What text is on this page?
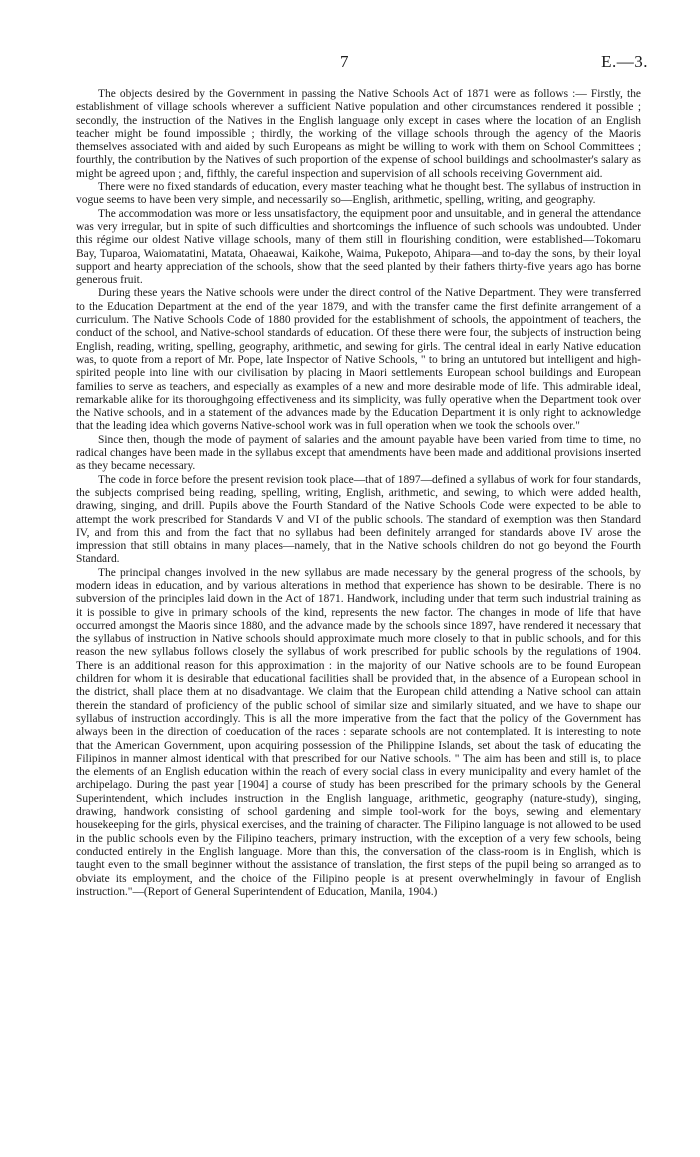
7	E.—3.

The objects desired by the Government in passing the Native Schools Act of 1871 were as follows :— Firstly, the establishment of village schools wherever a sufficient Native population and other circumstances rendered it possible ; secondly, the instruction of the Natives in the English language only except in cases where the location of an English teacher might be found impossible ; thirdly, the working of the village schools through the agency of the Maoris themselves associated with and aided by such Europeans as might be willing to work with them on School Committees ; fourthly, the contribution by the Natives of such proportion of the expense of school buildings and schoolmaster's salary as might be agreed upon ; and, fifthly, the careful inspection and supervision of all schools receiving Government aid.

There were no fixed standards of education, every master teaching what he thought best. The syllabus of instruction in vogue seems to have been very simple, and necessarily so—English, arithmetic, spelling, writing, and geography.

The accommodation was more or less unsatisfactory, the equipment poor and unsuitable, and in general the attendance was very irregular, but in spite of such difficulties and shortcomings the influence of such schools was undoubted. Under this régime our oldest Native village schools, many of them still in flourishing condition, were established—Tokomaru Bay, Tuparoa, Waiomatatini, Matata, Ohaeawai, Kaikohe, Waima, Pukepoto, Ahipara—and to-day the sons, by their loyal support and hearty appreciation of the schools, show that the seed planted by their fathers thirty-five years ago has borne generous fruit.

During these years the Native schools were under the direct control of the Native Department. They were transferred to the Education Department at the end of the year 1879, and with the transfer came the first definite arrangement of a curriculum. The Native Schools Code of 1880 provided for the establishment of schools, the appointment of teachers, the conduct of the school, and Native-school standards of education. Of these there were four, the subjects of instruction being English, reading, writing, spelling, geography, arithmetic, and sewing for girls. The central ideal in early Native education was, to quote from a report of Mr. Pope, late Inspector of Native Schools, " to bring an untutored but intelligent and high-spirited people into line with our civilisation by placing in Maori settlements European school buildings and European families to serve as teachers, and especially as examples of a new and more desirable mode of life. This admirable ideal, remarkable alike for its thoroughgoing effectiveness and its simplicity, was fully operative when the Department took over the Native schools, and in a statement of the advances made by the Education Department it is only right to acknowledge that the leading idea which governs Native-school work was in full operation when we took the schools over."

Since then, though the mode of payment of salaries and the amount payable have been varied from time to time, no radical changes have been made in the syllabus except that amendments have been made and additional provisions inserted as they became necessary.

The code in force before the present revision took place—that of 1897—defined a syllabus of work for four standards, the subjects comprised being reading, spelling, writing, English, arithmetic, and sewing, to which were added health, drawing, singing, and drill. Pupils above the Fourth Standard of the Native Schools Code were expected to be able to attempt the work prescribed for Standards V and VI of the public schools. The standard of exemption was then Standard IV, and from this and from the fact that no syllabus had been definitely arranged for standards above IV arose the impression that still obtains in many places—namely, that in the Native schools children do not go beyond the Fourth Standard.

The principal changes involved in the new syllabus are made necessary by the general progress of the schools, by modern ideas in education, and by various alterations in method that experience has shown to be desirable. There is no subversion of the principles laid down in the Act of 1871. Handwork, including under that term such industrial training as it is possible to give in primary schools of the kind, represents the new factor. The changes in mode of life that have occurred amongst the Maoris since 1880, and the advance made by the schools since 1897, have rendered it necessary that the syllabus of instruction in Native schools should approximate much more closely to that in public schools, and for this reason the new syllabus follows closely the syllabus of work prescribed for public schools by the regulations of 1904. There is an additional reason for this approximation : in the majority of our Native schools are to be found European children for whom it is desirable that educational facilities shall be provided that, in the absence of a European school in the district, shall place them at no disadvantage. We claim that the European child attending a Native school can attain therein the standard of proficiency of the public school of similar size and similarly situated, and we have to shape our syllabus of instruction accordingly. This is all the more imperative from the fact that the policy of the Government has always been in the direction of coeducation of the races : separate schools are not contemplated. It is interesting to note that the American Government, upon acquiring possession of the Philippine Islands, set about the task of educating the Filipinos in manner almost identical with that prescribed for our Native schools. " The aim has been and still is, to place the elements of an English education within the reach of every social class in every municipality and every hamlet of the archipelago. During the past year [1904] a course of study has been prescribed for the primary schools by the General Superintendent, which includes instruction in the English language, arithmetic, geography (nature-study), singing, drawing, handwork consisting of school gardening and simple tool-work for the boys, sewing and elementary housekeeping for the girls, physical exercises, and the training of character. The Filipino language is not allowed to be used in the public schools even by the Filipino teachers, primary instruction, with the exception of a very few schools, being conducted entirely in the English language. More than this, the conversation of the class-room is in English, which is taught even to the small beginner without the assistance of translation, the first steps of the pupil being so arranged as to obviate its employment, and the choice of the Filipino people is at present overwhelmingly in favour of English instruction."—(Report of General Superintendent of Education, Manila, 1904.)
